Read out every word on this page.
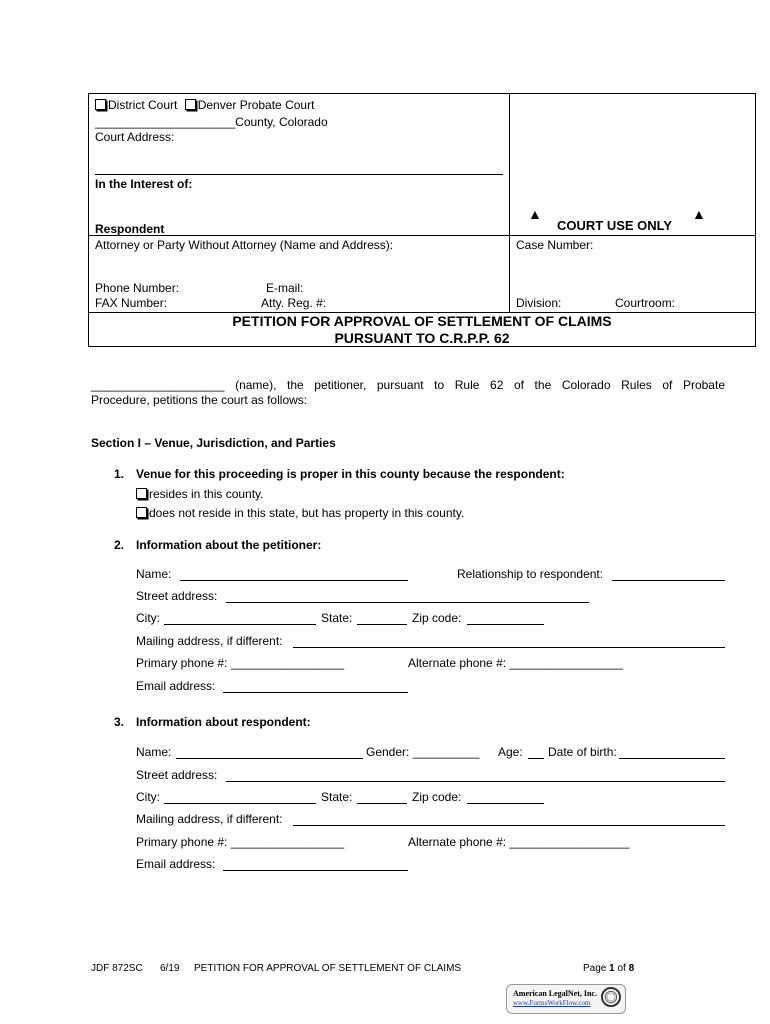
District Court Denver Probate Court
_____________________County, Colorado
Court Address:
In the Interest of:
Respondent
Attorney or Party Without Attorney (Name and Address):
Phone Number:	E-mail:
FAX Number:	Atty. Reg. #:
▲
COURT USE ONLY
▲
Case Number:
Division:	Courtroom:
PETITION FOR APPROVAL OF SETTLEMENT OF CLAIMS
PURSUANT TO C.R.P.P. 62
____________________ (name), the petitioner, pursuant to Rule 62 of the Colorado Rules of Probate
Procedure, petitions the court as follows:
Section I – Venue, Jurisdiction, and Parties
1. Venue for this proceeding is proper in this county because the respondent:
resides in this county.
does not reside in this state, but has property in this county.
2. Information about the petitioner:
Name:	Relationship to respondent:
Street address:
City:	State:	Zip code:
Mailing address, if different:
Primary phone #: _________________	Alternate phone #: _________________
Email address:
3. Information about respondent:
Name:	Gender: __________ Age: Date of birth:
Street address:
City:	State:	Zip code:
Mailing address, if different:
Primary phone #: _________________	Alternate phone #: __________________
Email address:
JDF 872SC 6/19 PETITION FOR APPROVAL OF SETTLEMENT OF CLAIMS	Page 1 of 8
American LegalNet, Inc.
www.FormsWorkFlow.com
